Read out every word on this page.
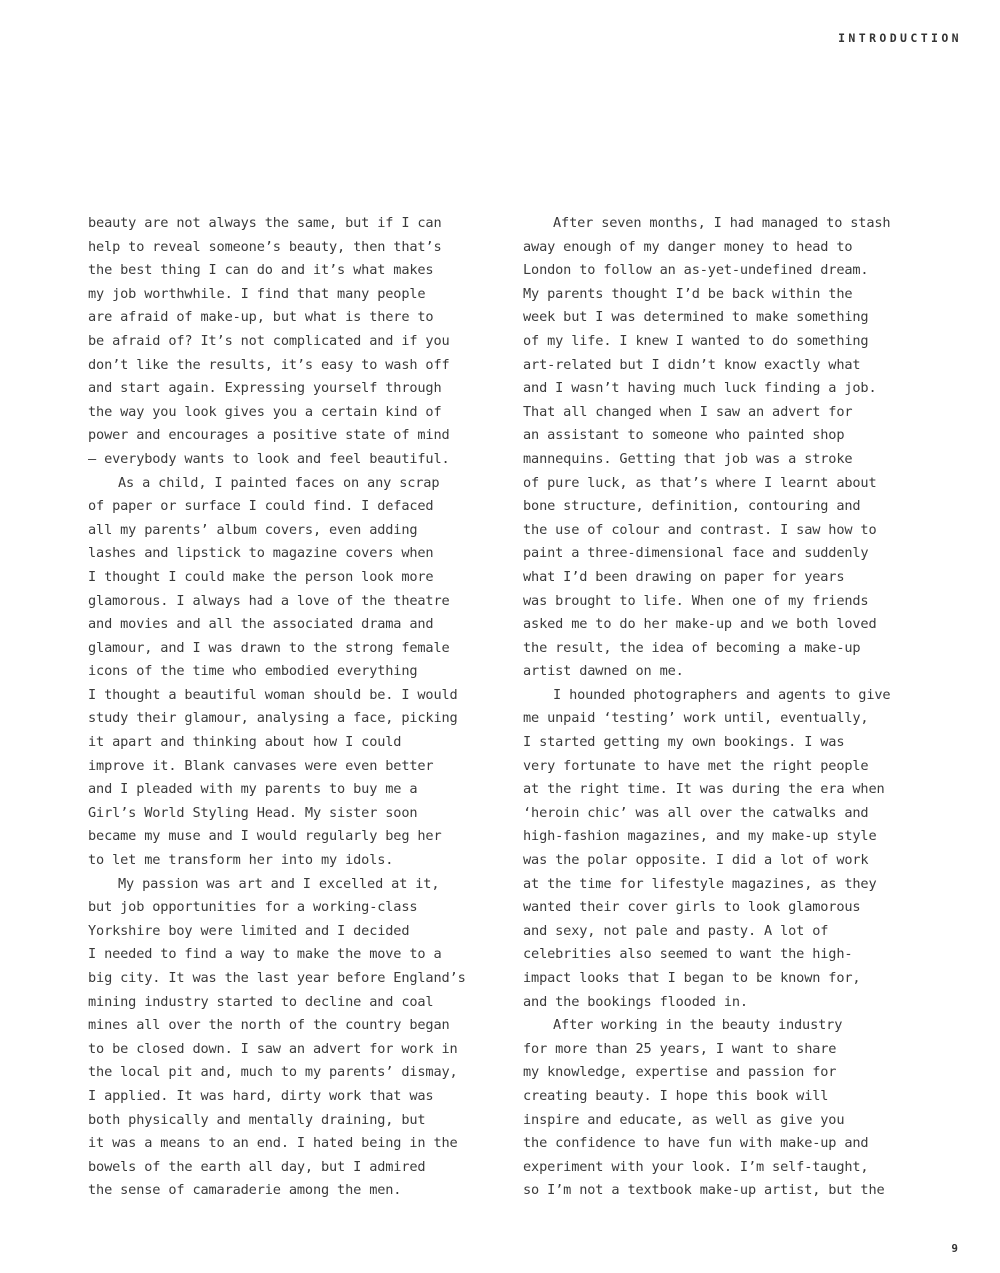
INTRODUCTION

beauty are not always the same, but if I can
help to reveal someone’s beauty, then that’s
the best thing I can do and it’s what makes
my job worthwhile. I find that many people
are afraid of make-up, but what is there to
be afraid of? It’s not complicated and if you
don’t like the results, it’s easy to wash off
and start again. Expressing yourself through
the way you look gives you a certain kind of
power and encourages a positive state of mind
– everybody wants to look and feel beautiful.

As a child, I painted faces on any scrap
of paper or surface I could find. I defaced
all my parents’ album covers, even adding
lashes and lipstick to magazine covers when
I thought I could make the person look more
glamorous. I always had a love of the theatre
and movies and all the associated drama and
glamour, and I was drawn to the strong female
icons of the time who embodied everything
I thought a beautiful woman should be. I would
study their glamour, analysing a face, picking
it apart and thinking about how I could
improve it. Blank canvases were even better
and I pleaded with my parents to buy me a
Girl’s World Styling Head. My sister soon
became my muse and I would regularly beg her
to let me transform her into my idols.

My passion was art and I excelled at it,
but job opportunities for a working-class
Yorkshire boy were limited and I decided
I needed to find a way to make the move to a
big city. It was the last year before England’s
mining industry started to decline and coal
mines all over the north of the country began
to be closed down. I saw an advert for work in
the local pit and, much to my parents’ dismay,
I applied. It was hard, dirty work that was
both physically and mentally draining, but
it was a means to an end. I hated being in the
bowels of the earth all day, but I admired
the sense of camaraderie among the men.

After seven months, I had managed to stash
away enough of my danger money to head to
London to follow an as-yet-undefined dream.
My parents thought I’d be back within the
week but I was determined to make something
of my life. I knew I wanted to do something
art-related but I didn’t know exactly what
and I wasn’t having much luck finding a job.
That all changed when I saw an advert for
an assistant to someone who painted shop
mannequins. Getting that job was a stroke
of pure luck, as that’s where I learnt about
bone structure, definition, contouring and
the use of colour and contrast. I saw how to
paint a three-dimensional face and suddenly
what I’d been drawing on paper for years
was brought to life. When one of my friends
asked me to do her make-up and we both loved
the result, the idea of becoming a make-up
artist dawned on me.

I hounded photographers and agents to give
me unpaid ‘testing’ work until, eventually,
I started getting my own bookings. I was
very fortunate to have met the right people
at the right time. It was during the era when
‘heroin chic’ was all over the catwalks and
high-fashion magazines, and my make-up style
was the polar opposite. I did a lot of work
at the time for lifestyle magazines, as they
wanted their cover girls to look glamorous
and sexy, not pale and pasty. A lot of
celebrities also seemed to want the high-
impact looks that I began to be known for,
and the bookings flooded in.

After working in the beauty industry
for more than 25 years, I want to share
my knowledge, expertise and passion for
creating beauty. I hope this book will
inspire and educate, as well as give you
the confidence to have fun with make-up and
experiment with your look. I’m self-taught,
so I’m not a textbook make-up artist, but the

9
